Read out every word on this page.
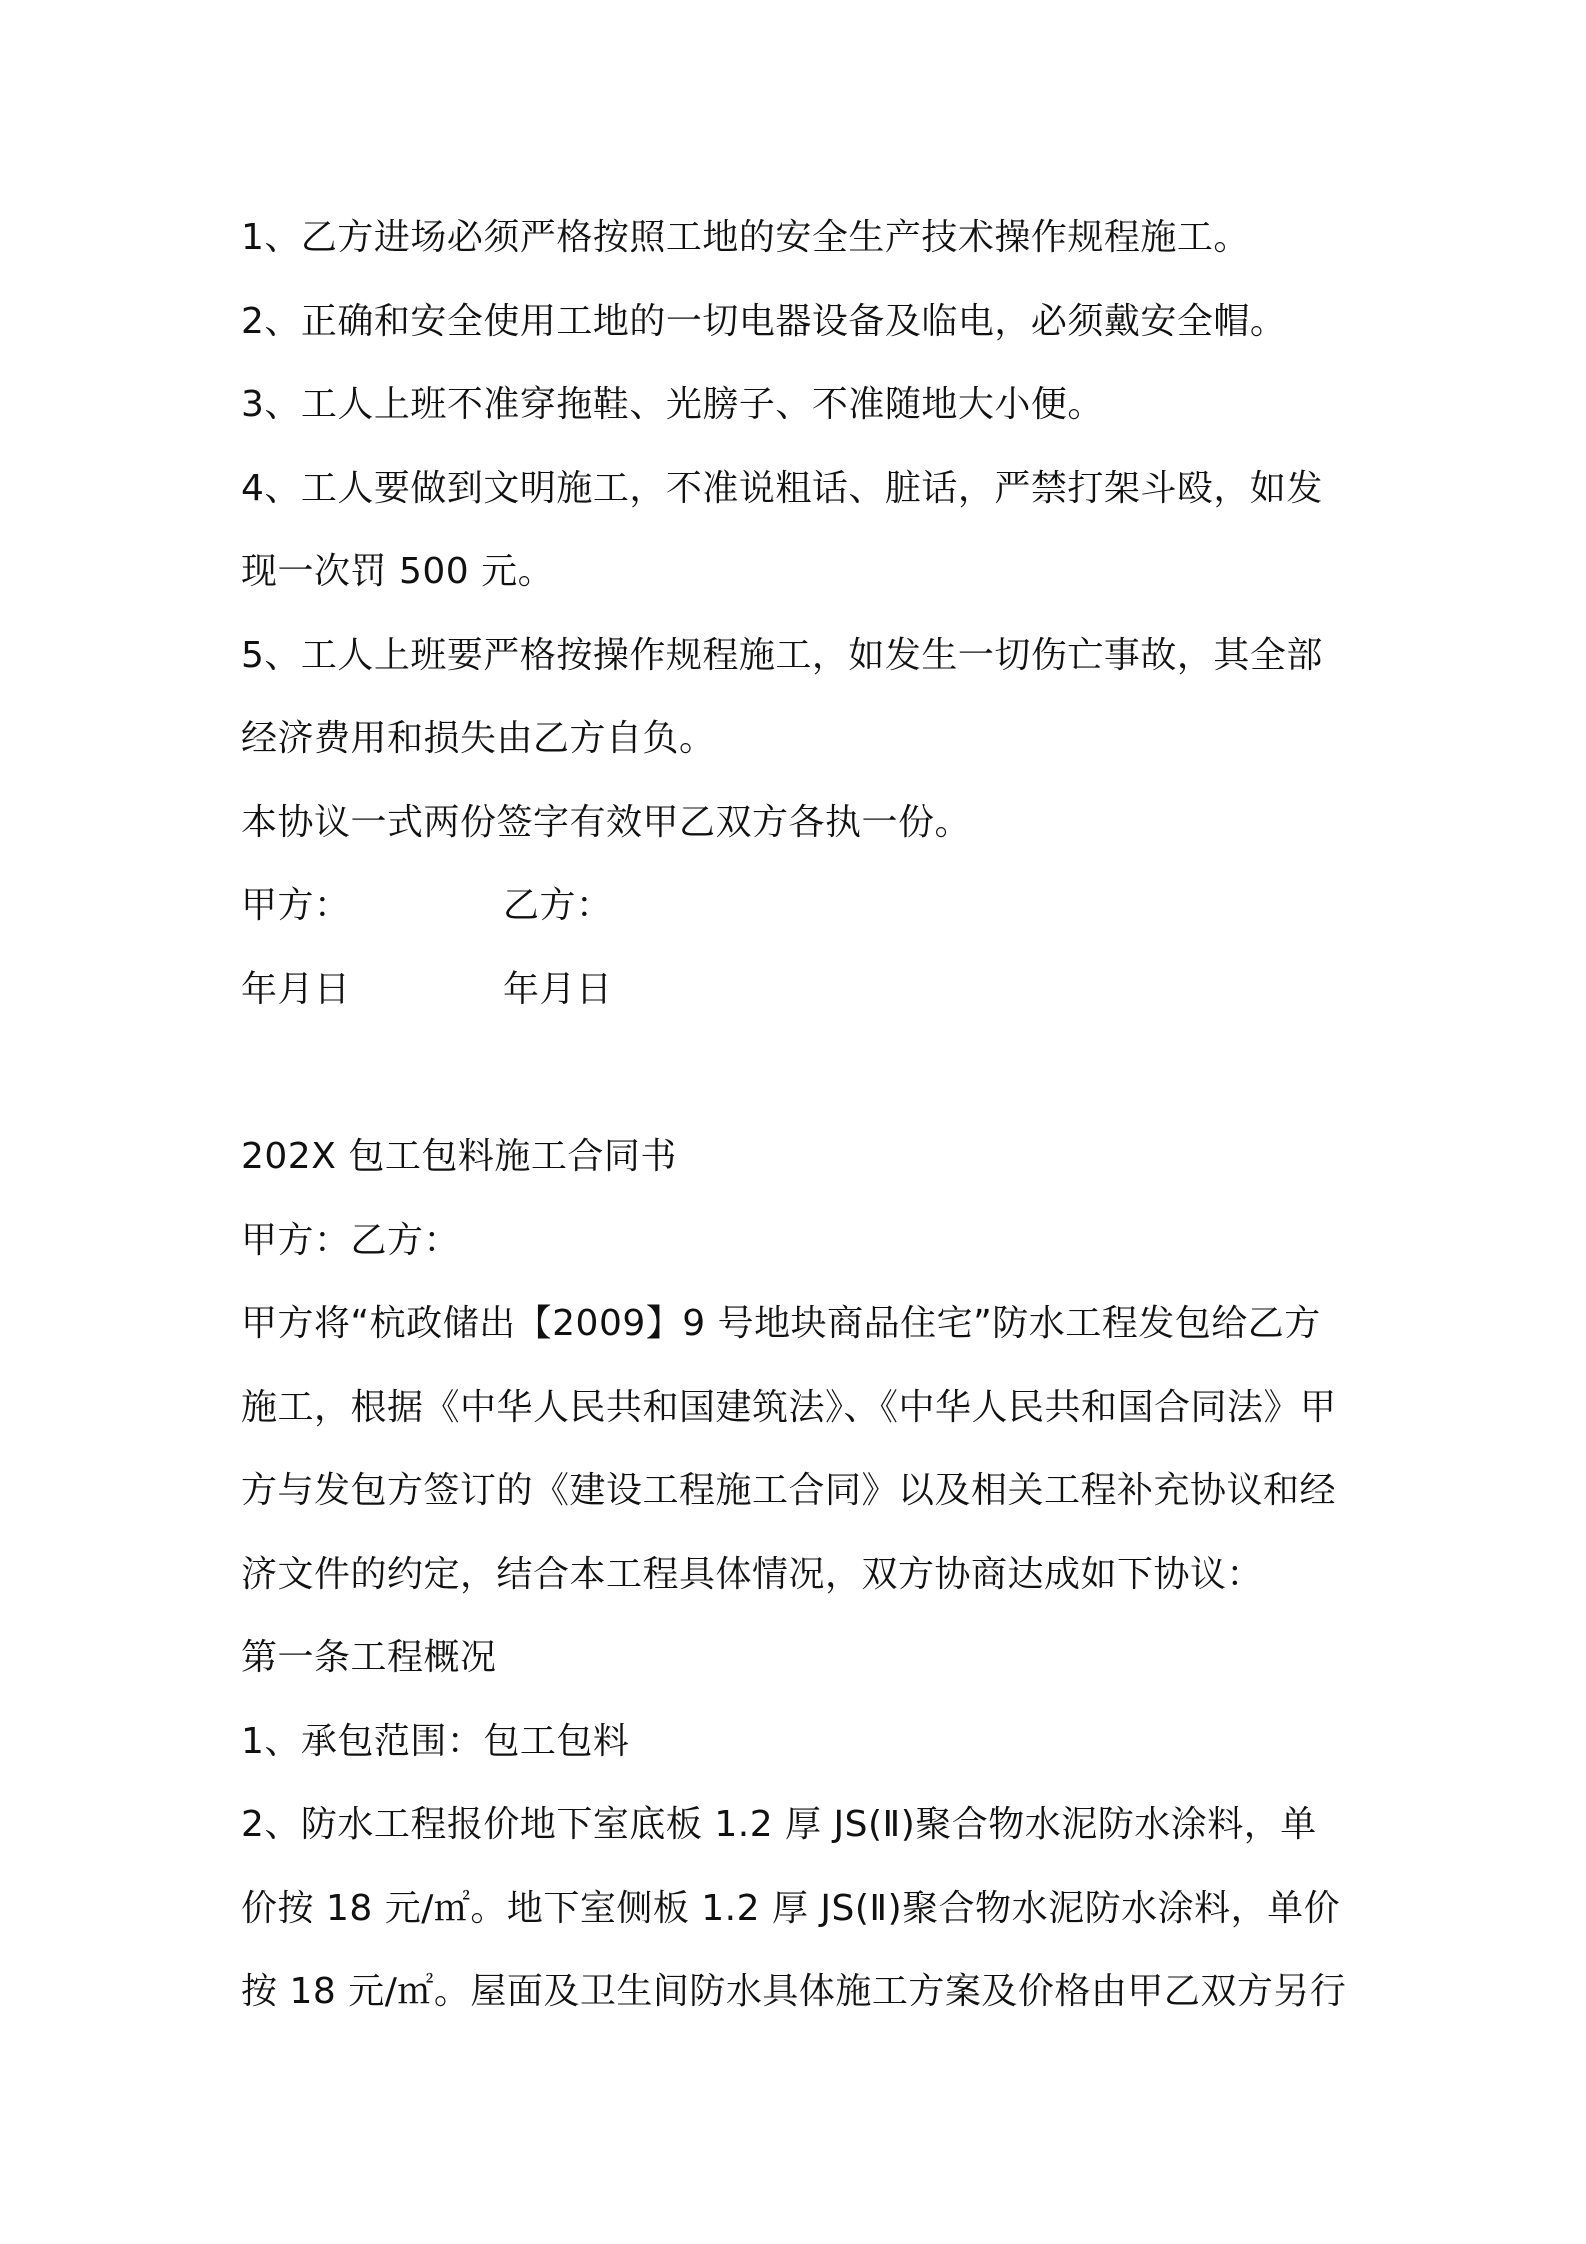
1、乙方进场必须严格按照工地的安全生产技术操作规程施工。
2、正确和安全使用工地的一切电器设备及临电，必须戴安全帽。
3、工人上班不准穿拖鞋、光膀子、不准随地大小便。
4、工人要做到文明施工，不准说粗话、脏话，严禁打架斗殴，如发
现一次罚 500 元。
5、工人上班要严格按操作规程施工，如发生一切伤亡事故，其全部
经济费用和损失由乙方自负。
本协议一式两份签字有效甲乙双方各执一份。
甲方：	乙方：
年月日	年月日
202X 包工包料施工合同书
甲方：乙方：
甲方将“杭政储出【2009】9 号地块商品住宅”防水工程发包给乙方
施工，根据《中华人民共和国建筑法》、《中华人民共和国合同法》甲
方与发包方签订的《建设工程施工合同》以及相关工程补充协议和经
济文件的约定，结合本工程具体情况，双方协商达成如下协议：
第一条工程概况
1、承包范围：包工包料
2、防水工程报价地下室底板 1.2 厚 JS(Ⅱ)聚合物水泥防水涂料，单
价按 18 元/㎡。地下室侧板 1.2 厚 JS(Ⅱ)聚合物水泥防水涂料，单价
按 18 元/㎡。屋面及卫生间防水具体施工方案及价格由甲乙双方另行
